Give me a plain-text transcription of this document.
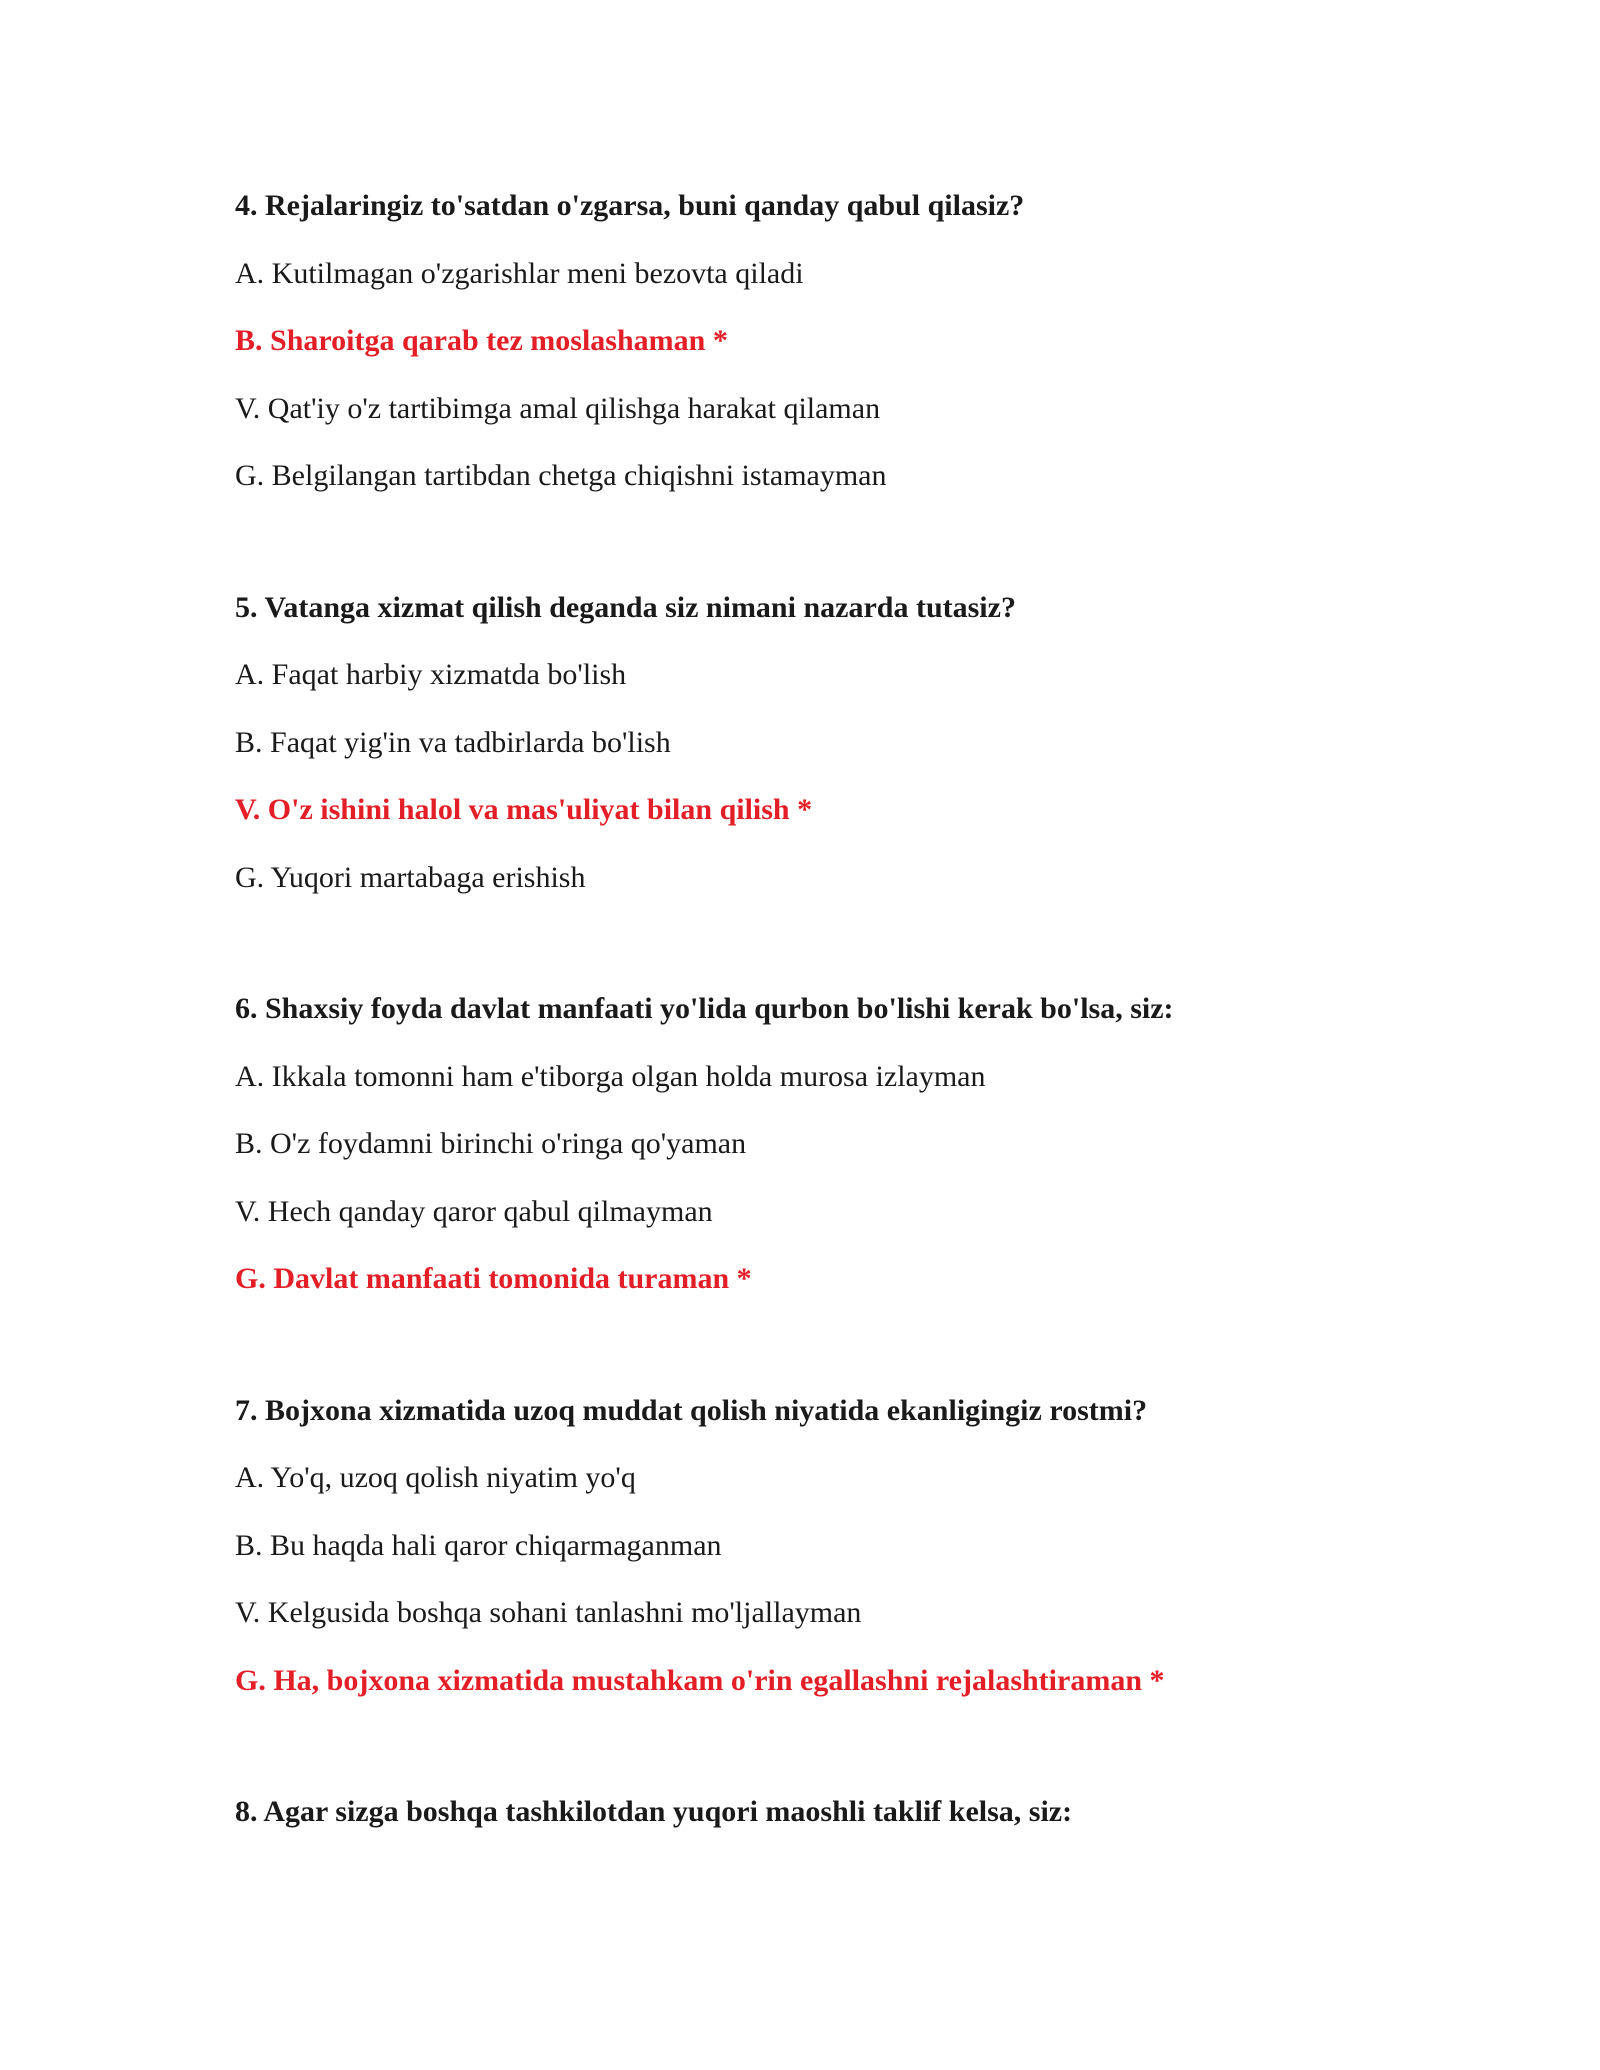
4. Rejalaringiz to'satdan o'zgarsa, buni qanday qabul qilasiz?
A. Kutilmagan o'zgarishlar meni bezovta qiladi
B. Sharoitga qarab tez moslashaman *
V. Qat'iy o'z tartibimga amal qilishga harakat qilaman
G. Belgilangan tartibdan chetga chiqishni istamayman
5. Vatanga xizmat qilish deganda siz nimani nazarda tutasiz?
A. Faqat harbiy xizmatda bo'lish
B. Faqat yig'in va tadbirlarda bo'lish
V. O'z ishini halol va mas'uliyat bilan qilish *
G. Yuqori martabaga erishish
6. Shaxsiy foyda davlat manfaati yo'lida qurbon bo'lishi kerak bo'lsa, siz:
A. Ikkala tomonni ham e'tiborga olgan holda murosa izlayman
B. O'z foydamni birinchi o'ringa qo'yaman
V. Hech qanday qaror qabul qilmayman
G. Davlat manfaati tomonida turaman *
7. Bojxona xizmatida uzoq muddat qolish niyatida ekanligingiz rostmi?
A. Yo'q, uzoq qolish niyatim yo'q
B. Bu haqda hali qaror chiqarmaganman
V. Kelgusida boshqa sohani tanlashni mo'ljallayman
G. Ha, bojxona xizmatida mustahkam o'rin egallashni rejalashtiraman *
8. Agar sizga boshqa tashkilotdan yuqori maoshli taklif kelsa, siz:
